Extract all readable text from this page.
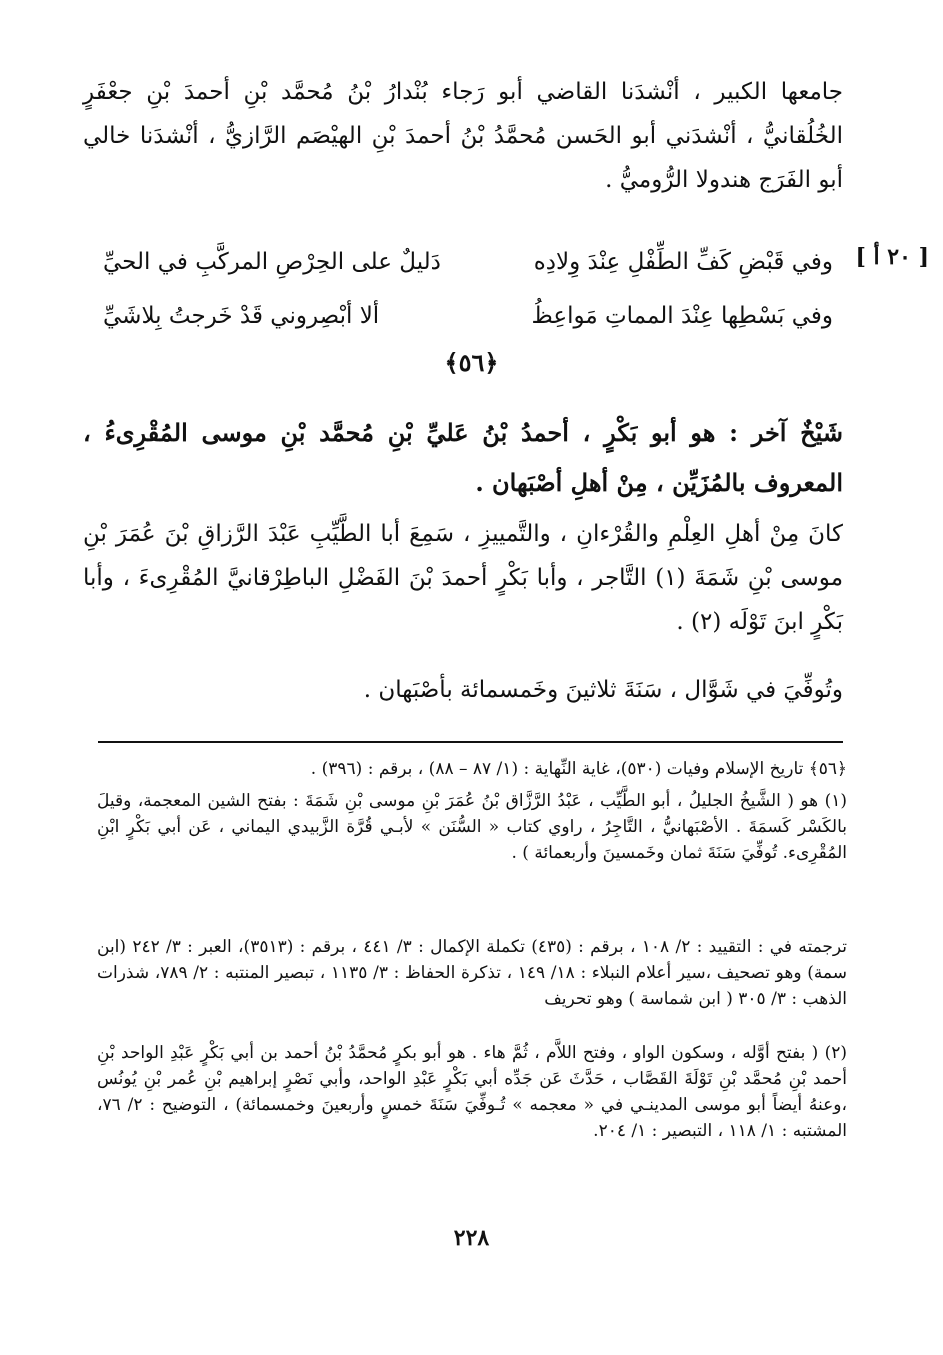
جامعها الكبير ، أنْشدَنا القاضي أبو رَجاء بُنْدارُ بْنُ مُحمَّد بْنِ أحمدَ بْنِ جعْفَرٍ الخُلُقانيُّ ، أنْشدَني أبو الحَسن مُحمَّدُ بْنُ أحمدَ بْنِ الهيْصَم الرَّازيُّ ، أنْشدَنا خالي أبو الفَرَج هندولا الرُّوميُّ .

[ ٢٠ أ ]
وفي قَبْضِ كَفِّ الطِّفْلِ عِنْدَ وِلادِه
دَليلٌ على الحِرْصِ المركَّبِ في الحيِّ
وفي بَسْطِها عِنْدَ المماتِ مَواعِظُ
ألا أبْصِروني قَدْ خَرجتُ بِلاشَيِّ
﴿٥٦﴾

شَيْخٌ آخر : هو أبو بَكْرٍ ، أحمدُ بْنُ عَليِّ بْنِ مُحمَّد بْنِ موسى المُقْرِىءُ ، المعروف بالمُزَيِّن ، مِنْ أهلِ أصْبَهان .

كانَ مِنْ أهلِ العِلْمِ والقُرْءانِ ، والتَّمييزِ ، سَمِعَ أبا الطَّيِّبِ عَبْدَ الرَّزاقِ بْنَ عُمَرَ بْنِ موسى بْنِ شَمَةَ (١) التَّاجر ، وأبا بَكْرٍ أحمدَ بْنَ الفَضْلِ الباطِرْقانيَّ المُقْرِىءَ ، وأبا بَكْرٍ ابنَ تَوْلَه (٢) .

وتُوفِّيَ في شَوَّال ، سَنَةَ ثلاثينَ وخَمسمائة بأصْبَهان .

﴿٥٦﴾ تاريخ الإسلام وفيات (٥٣٠)، غاية النِّهاية : (١/ ٨٧ – ٨٨) ، برقم : (٣٩٦) .

(١) هو ( الشَّيخُ الجليلُ ، أبو الطَّيِّب ، عَبْدُ الرَّزَّاق بْنُ عُمَرَ بْنِ موسى بْنِ شَمَةَ : بفتح الشين المعجمة، وقيلَ بالكَسْر كَسمَةَ . الأصْبَهانيُّ ، التَّاجِرُ ، راوي كتاب « السُّنَن » لأبـي قُرَّة الزَّبيدي اليماني ، عَن أبي بَكْرٍ ابْنِ المُقْرِىء. تُوفِّيَ سَنَةَ ثمان وخَمسينَ وأربعمائة ) .

ترجمته في : التقييد : ٢/ ١٠٨ ، برقم : (٤٣٥) تكملة الإكمال : ٣/ ٤٤١ ، برقم : (٣٥١٣)، العبر : ٣/ ٢٤٢ (ابن سمة) وهو تصحيف ،سير أعلام النبلاء : ١٨/ ١٤٩ ، تذكرة الحفاظ : ٣/ ١١٣٥ ، تبصير المنتبه : ٢/ ٧٨٩، شذرات الذهب : ٣/ ٣٠٥ ( ابن شماسة ) وهو تحريف

(٢) ( بفتح أوَّله ، وسكون الواو ، وفتح اللاَّم ، ثُمَّ هاء . هو أبو بكرٍ مُحمَّدُ بْنُ أحمد بن أبي بَكْرٍ عَبْدِ الواحد بْنِ أحمد بْنِ مُحمَّد بْنِ تَوْلَةَ القَصَّاب ، حَدَّثَ عَن جَدِّه أبي بَكْرٍ عَبْدِ الواحد، وأبي نَصْرٍ إبراهيم بْنِ عُمر بْنِ يُونُس ،وعنهُ أيضاً أبو موسى المدينـي في « معجمه » تُـوفِّيَ سَنَةَ خمسٍ وأربعينَ وخمسمائة) ، التوضيح : ٢/ ٧٦، المشتبه : ١/ ١١٨ ، التبصير : ١/ ٢٠٤.

٢٢٨
